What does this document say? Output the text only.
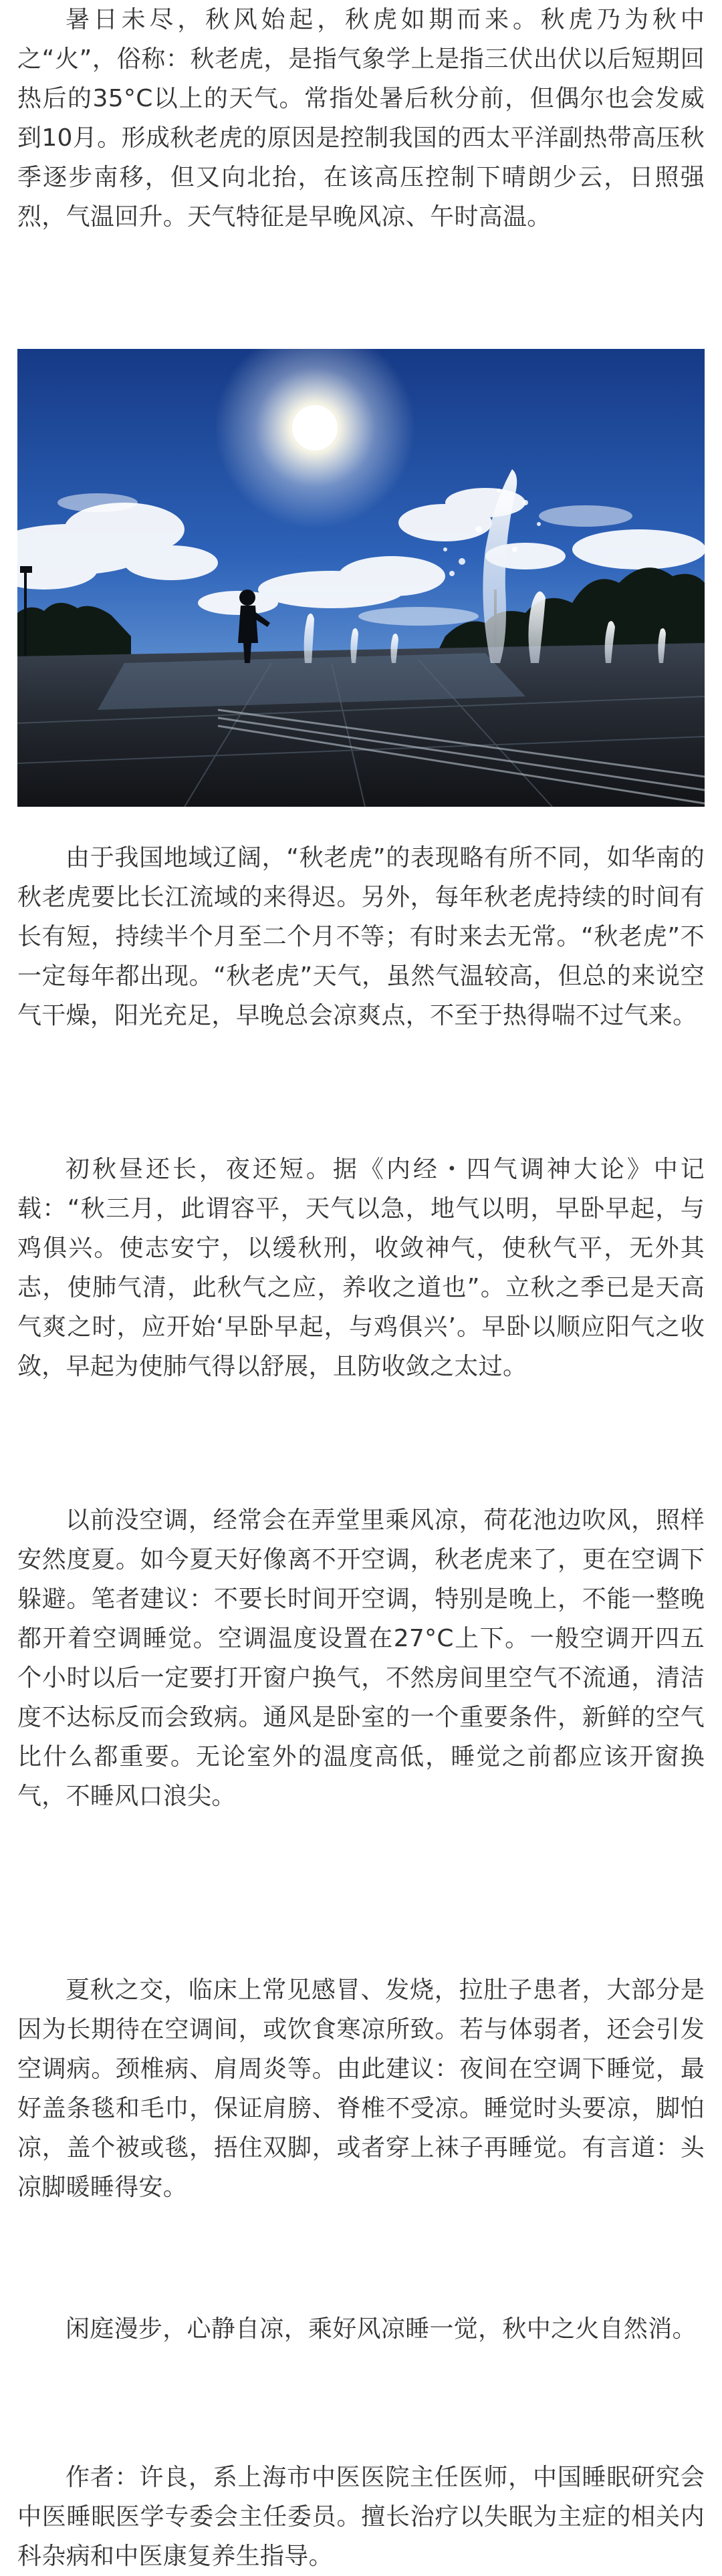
暑日未尽，秋风始起，秋虎如期而来。秋虎乃为秋中之“火”，俗称：秋老虎，是指气象学上是指三伏出伏以后短期回热后的35°C以上的天气。常指处暑后秋分前，但偶尔也会发威到10月。形成秋老虎的原因是控制我国的西太平洋副热带高压秋季逐步南移，但又向北抬，在该高压控制下晴朗少云，日照强烈，气温回升。天气特征是早晚风凉、午时高温。

由于我国地域辽阔，“秋老虎”的表现略有所不同，如华南的秋老虎要比长江流域的来得迟。另外，每年秋老虎持续的时间有长有短，持续半个月至二个月不等；有时来去无常。“秋老虎”不一定每年都出现。“秋老虎”天气，虽然气温较高，但总的来说空气干燥，阳光充足，早晚总会凉爽点，不至于热得喘不过气来。

初秋昼还长，夜还短。据《内经・四气调神大论》中记载：“秋三月，此谓容平，天气以急，地气以明，早卧早起，与鸡俱兴。使志安宁，以缓秋刑，收敛神气，使秋气平，无外其志，使肺气清，此秋气之应，养收之道也”。立秋之季已是天高气爽之时，应开始‘早卧早起，与鸡俱兴’。早卧以顺应阳气之收敛，早起为使肺气得以舒展，且防收敛之太过。

以前没空调，经常会在弄堂里乘风凉，荷花池边吹风，照样安然度夏。如今夏天好像离不开空调，秋老虎来了，更在空调下躲避。笔者建议：不要长时间开空调，特别是晚上，不能一整晚都开着空调睡觉。空调温度设置在27°C上下。一般空调开四五个小时以后一定要打开窗户换气，不然房间里空气不流通，清洁度不达标反而会致病。通风是卧室的一个重要条件，新鲜的空气比什么都重要。无论室外的温度高低，睡觉之前都应该开窗换气，不睡风口浪尖。

夏秋之交，临床上常见感冒、发烧，拉肚子患者，大部分是因为长期待在空调间，或饮食寒凉所致。若与体弱者，还会引发空调病。颈椎病、肩周炎等。由此建议：夜间在空调下睡觉，最好盖条毯和毛巾，保证肩膀、脊椎不受凉。睡觉时头要凉，脚怕凉，盖个被或毯，捂住双脚，或者穿上袜子再睡觉。有言道：头凉脚暖睡得安。

闲庭漫步，心静自凉，乘好风凉睡一觉，秋中之火自然消。

作者：许良，系上海市中医医院主任医师，中国睡眠研究会中医睡眠医学专委会主任委员。擅长治疗以失眠为主症的相关内科杂病和中医康复养生指导。
